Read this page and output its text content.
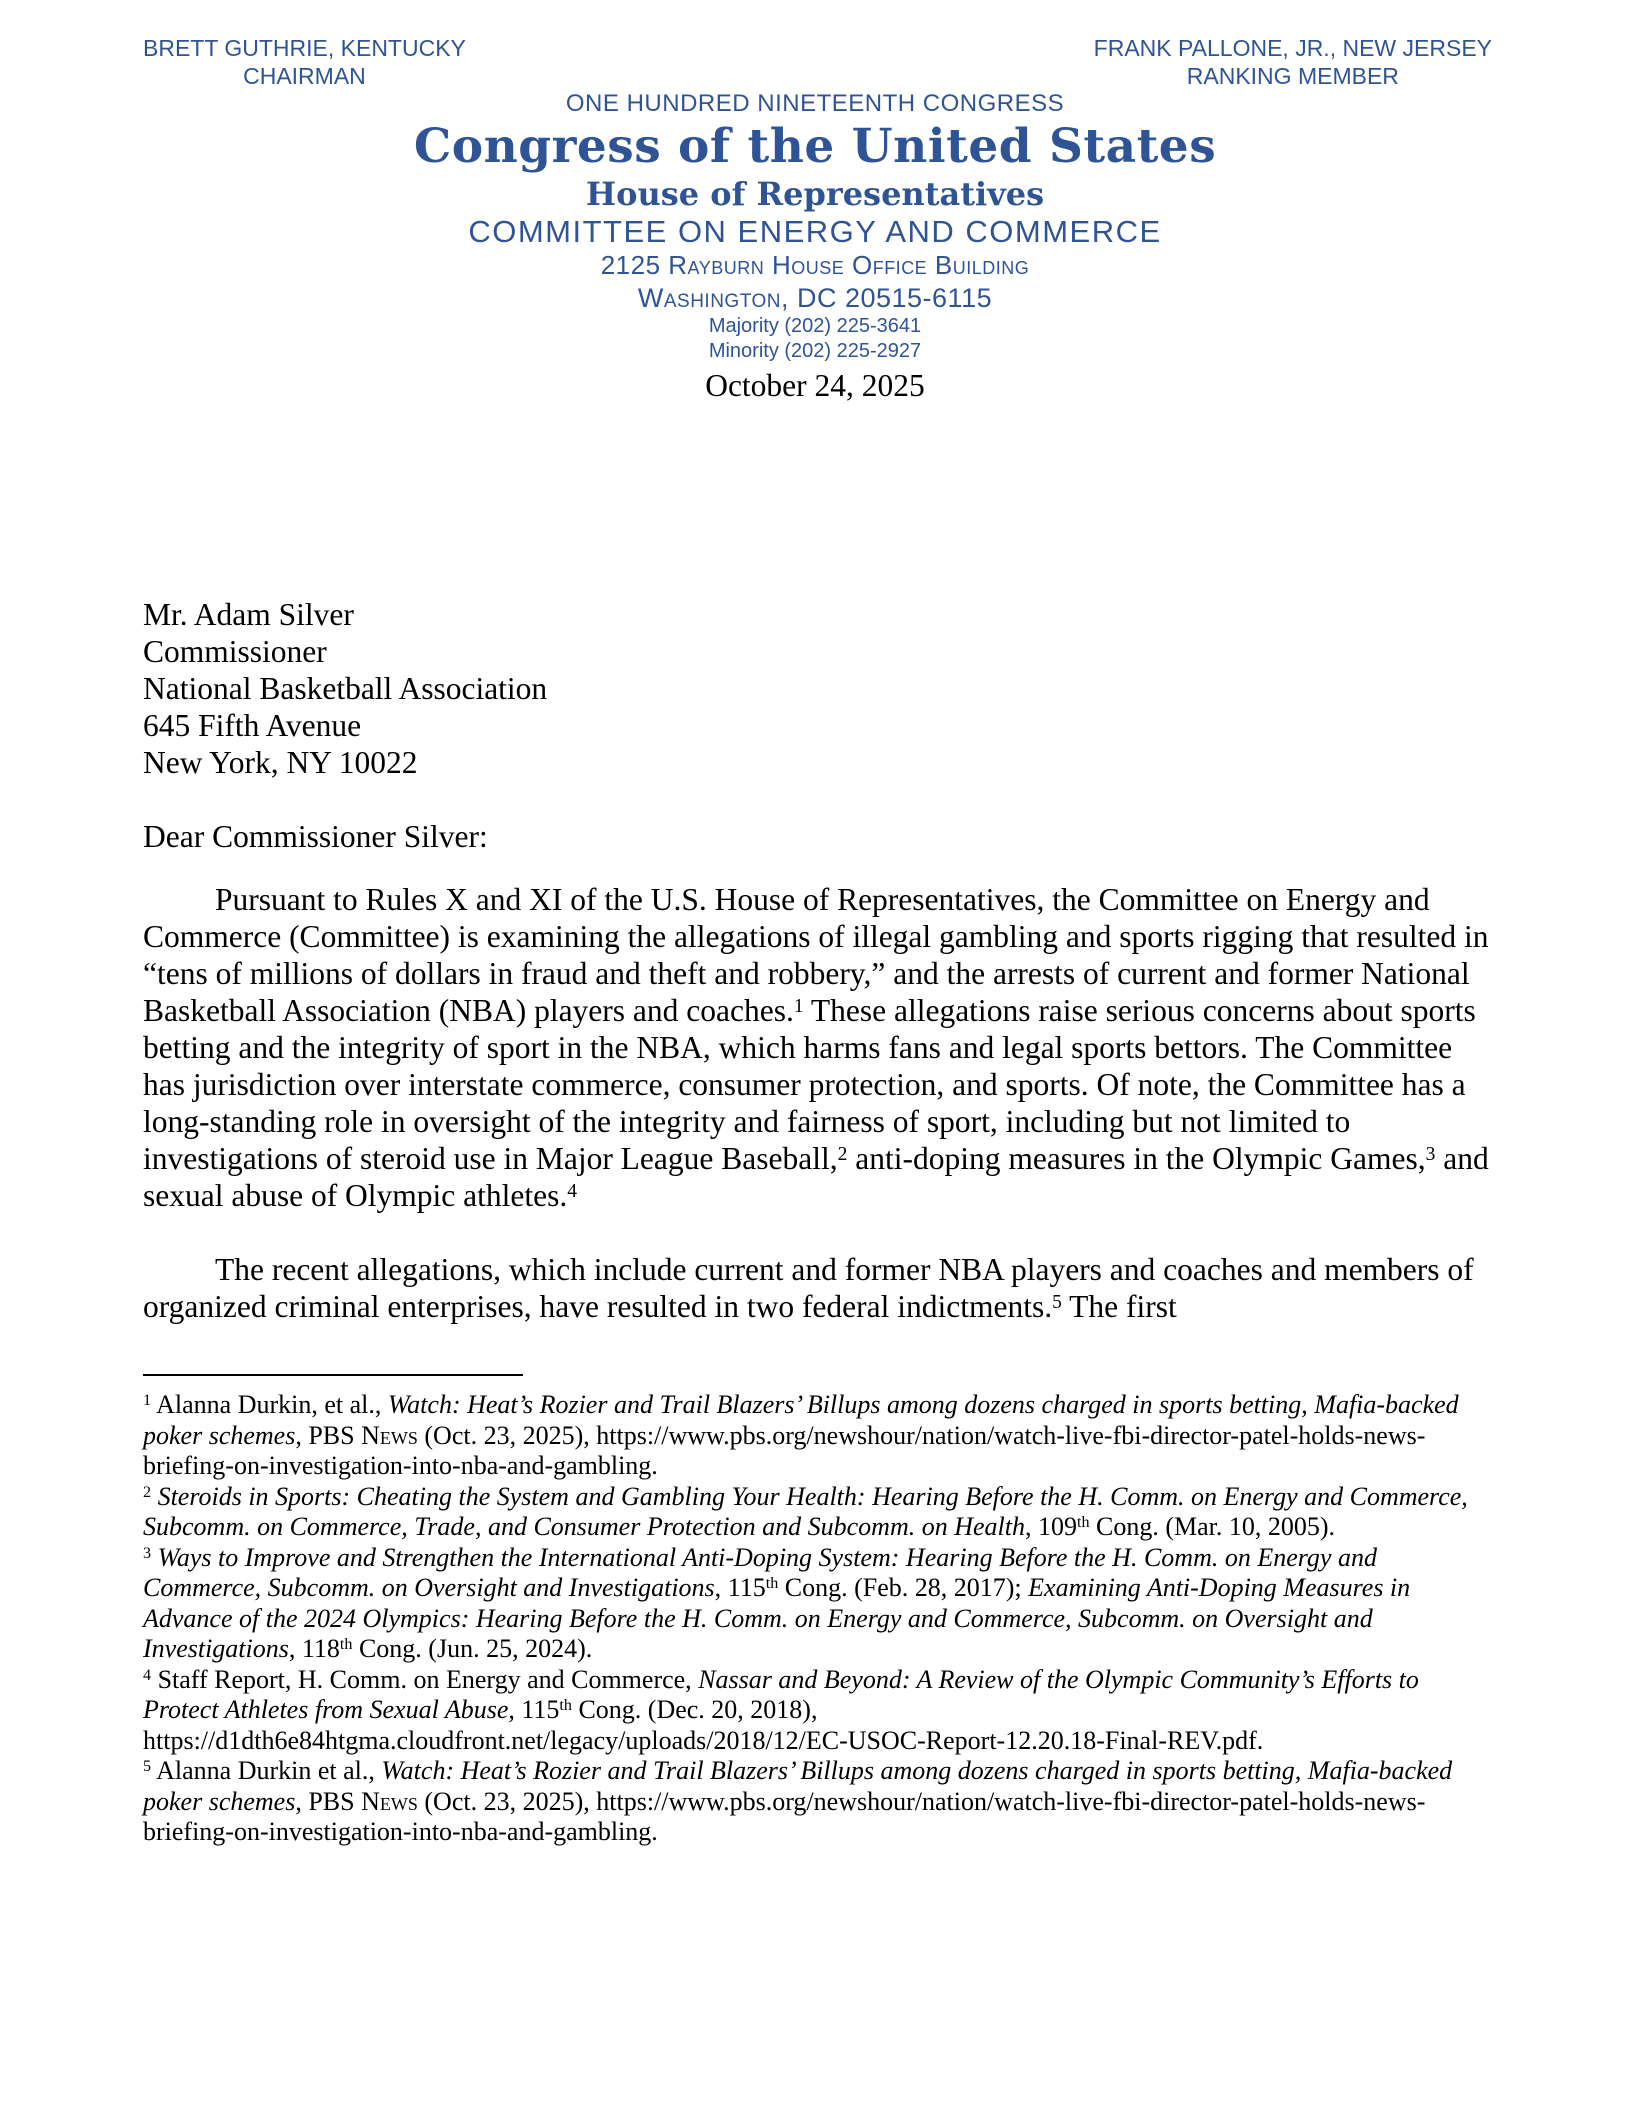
BRETT GUTHRIE, KENTUCKY
CHAIRMAN
FRANK PALLONE, JR., NEW JERSEY
RANKING MEMBER
ONE HUNDRED NINETEENTH CONGRESS
Congress of the United States
House of Representatives
COMMITTEE ON ENERGY AND COMMERCE
2125 Rayburn House Office Building
Washington, DC 20515-6115
Majority (202) 225-3641
Minority (202) 225-2927
October 24, 2025
Mr. Adam Silver
Commissioner
National Basketball Association
645 Fifth Avenue
New York, NY 10022
Dear Commissioner Silver:

Pursuant to Rules X and XI of the U.S. House of Representatives, the Committee on Energy and Commerce (Committee) is examining the allegations of illegal gambling and sports rigging that resulted in “tens of millions of dollars in fraud and theft and robbery,” and the arrests of current and former National Basketball Association (NBA) players and coaches.$^1$ These allegations raise serious concerns about sports betting and the integrity of sport in the NBA, which harms fans and legal sports bettors. The Committee has jurisdiction over interstate commerce, consumer protection, and sports. Of note, the Committee has a long-standing role in oversight of the integrity and fairness of sport, including but not limited to investigations of steroid use in Major League Baseball,$^2$ anti-doping measures in the Olympic Games,$^3$ and sexual abuse of Olympic athletes.$^4$

The recent allegations, which include current and former NBA players and coaches and members of organized criminal enterprises, have resulted in two federal indictments.$^5$ The first

$^1$ Alanna Durkin, et al., Watch: Heat’s Rozier and Trail Blazers’ Billups among dozens charged in sports betting, Mafia-backed poker schemes, PBS News (Oct. 23, 2025), https://www.pbs.org/newshour/nation/watch-live-fbi-director-patel-holds-news-briefing-on-investigation-into-nba-and-gambling.
$^2$ Steroids in Sports: Cheating the System and Gambling Your Health: Hearing Before the H. Comm. on Energy and Commerce, Subcomm. on Commerce, Trade, and Consumer Protection and Subcomm. on Health, 109th Cong. (Mar. 10, 2005).
$^3$ Ways to Improve and Strengthen the International Anti-Doping System: Hearing Before the H. Comm. on Energy and Commerce, Subcomm. on Oversight and Investigations, 115th Cong. (Feb. 28, 2017); Examining Anti-Doping Measures in Advance of the 2024 Olympics: Hearing Before the H. Comm. on Energy and Commerce, Subcomm. on Oversight and Investigations, 118th Cong. (Jun. 25, 2024).
$^4$ Staff Report, H. Comm. on Energy and Commerce, Nassar and Beyond: A Review of the Olympic Community’s Efforts to Protect Athletes from Sexual Abuse, 115th Cong. (Dec. 20, 2018), https://d1dth6e84htgma.cloudfront.net/legacy/uploads/2018/12/EC-USOC-Report-12.20.18-Final-REV.pdf.
$^5$ Alanna Durkin et al., Watch: Heat’s Rozier and Trail Blazers’ Billups among dozens charged in sports betting, Mafia-backed poker schemes, PBS News (Oct. 23, 2025), https://www.pbs.org/newshour/nation/watch-live-fbi-director-patel-holds-news-briefing-on-investigation-into-nba-and-gambling.
